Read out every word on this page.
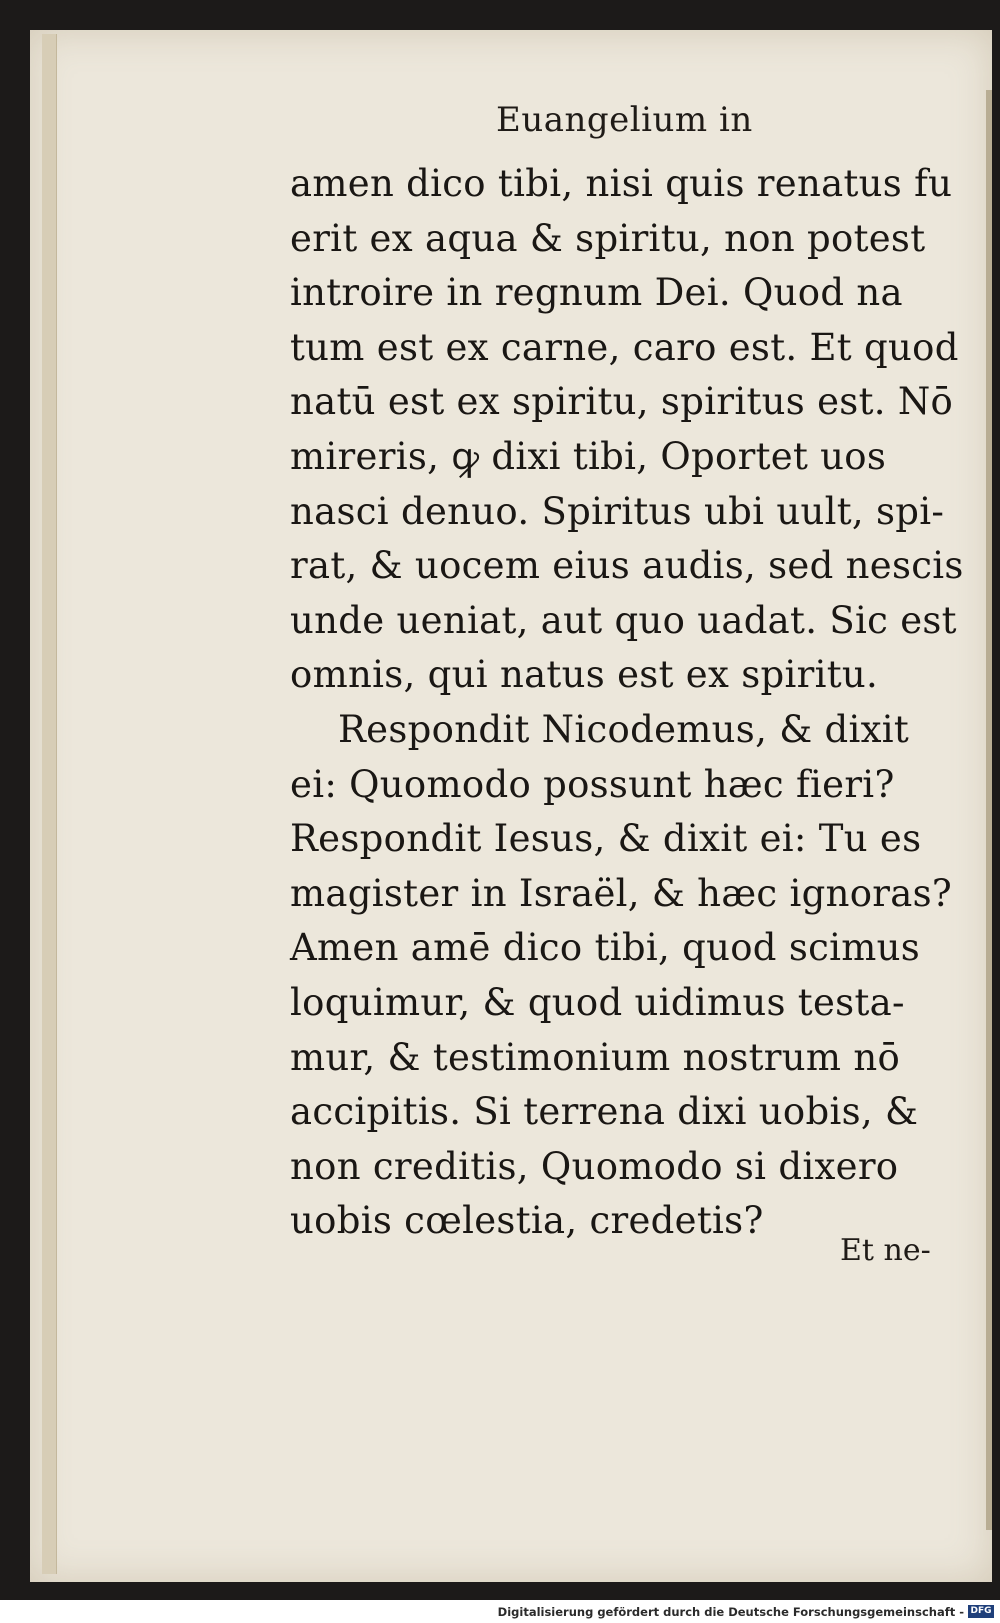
Euangelium in
amen dico tibi, nisi quis renatus fu
erit ex aqua & spiritu, non potest
introire in regnum Dei. Quod na
tum est ex carne, caro est. Et quod
natū est ex spiritu, spiritus est. Nō
mireris, ꝙ dixi tibi, Oportet uos
nasci denuo. Spiritus ubi uult, spi-
rat, & uocem eius audis, sed nescis
unde ueniat, aut quo uadat. Sic est
omnis, qui natus est ex spiritu.
Respondit Nicodemus, & dixit
ei: Quomodo possunt hæc fieri?
Respondit Iesus, & dixit ei: Tu es
magister in Israël, & hæc ignoras?
Amen amē dico tibi, quod scimus
loquimur, & quod uidimus testa-
mur, & testimonium nostrum nō
accipitis. Si terrena dixi uobis, &
non creditis, Quomodo si dixero
uobis cœlestia, credetis?
Et ne-
Digitalisierung gefördert durch die Deutsche Forschungsgemeinschaft - DFG
